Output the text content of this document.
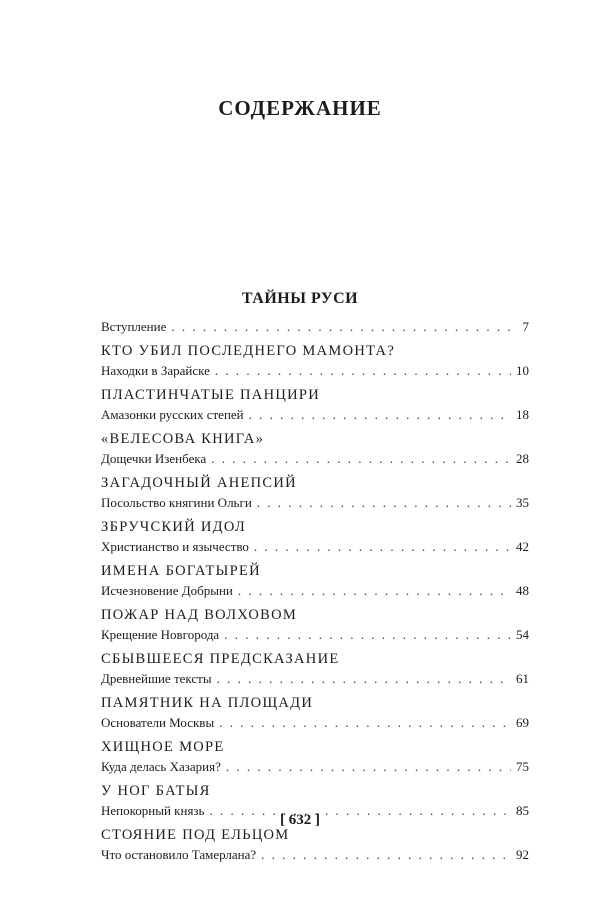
СОДЕРЖАНИЕ
ТАЙНЫ РУСИ
Вступление . . .	7
КТО УБИЛ ПОСЛЕДНЕГО МАМОНТА?
Находки в Зарайске . . .	10
ПЛАСТИНЧАТЫЕ ПАНЦИРИ
Амазонки русских степей . . .	18
«ВЕЛЕСОВА КНИГА»
Дощечки Изенбека . . .	28
ЗАГАДОЧНЫЙ АНЕПСИЙ
Посольство княгини Ольги . . .	35
ЗБРУЧСКИЙ ИДОЛ
Христианство и язычество . . .	42
ИМЕНА БОГАТЫРЕЙ
Исчезновение Добрыни . . .	48
ПОЖАР НАД ВОЛХОВОМ
Крещение Новгорода . . .	54
СБЫВШЕЕСЯ ПРЕДСКАЗАНИЕ
Древнейшие тексты . . .	61
ПАМЯТНИК НА ПЛОЩАДИ
Основатели Москвы . . .	69
ХИЩНОЕ МОРЕ
Куда делась Хазария? . . .	75
У НОГ БАТЫЯ
Непокорный князь . . .	85
СТОЯНИЕ ПОД ЕЛЬЦОМ
Что остановило Тамерлана? . . .	92
[ 632 ]
